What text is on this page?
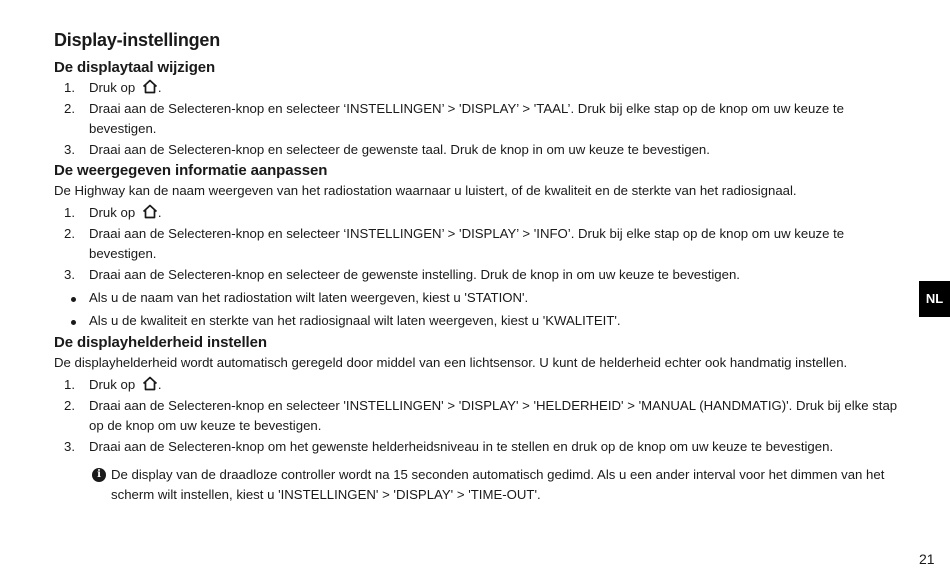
Display-instellingen
De displaytaal wijzigen
1. Druk op .
2. Draai aan de Selecteren-knop en selecteer ‘INSTELLINGEN’ > 'DISPLAY’ > 'TAAL’. Druk bij elke stap op de knop om uw keuze te bevestigen.
3. Draai aan de Selecteren-knop en selecteer de gewenste taal. Druk de knop in om uw keuze te bevestigen.
De weergegeven informatie aanpassen

De Highway kan de naam weergeven van het radiostation waarnaar u luistert, of de kwaliteit en de sterkte van het radiosignaal.

1. Druk op .
2. Draai aan de Selecteren-knop en selecteer ‘INSTELLINGEN’ > 'DISPLAY’ > 'INFO’. Druk bij elke stap op de knop om uw keuze te bevestigen.
3. Draai aan de Selecteren-knop en selecteer de gewenste instelling. Druk de knop in om uw keuze te bevestigen.
Als u de naam van het radiostation wilt laten weergeven, kiest u 'STATION'.
Als u de kwaliteit en sterkte van het radiosignaal wilt laten weergeven, kiest u 'KWALITEIT'.
De displayhelderheid instellen

De displayhelderheid wordt automatisch geregeld door middel van een lichtsensor. U kunt de helderheid echter ook handmatig instellen.

1. Druk op .
2. Draai aan de Selecteren-knop en selecteer 'INSTELLINGEN' > 'DISPLAY' > 'HELDERHEID' > 'MANUAL (HANDMATIG)'. Druk bij elke stap op de knop om uw keuze te bevestigen.
3. Draai aan de Selecteren-knop om het gewenste helderheidsniveau in te stellen en druk op de knop om uw keuze te bevestigen.
i De display van de draadloze controller wordt na 15 seconden automatisch gedimd. Als u een ander interval voor het dimmen van het scherm wilt instellen, kiest u 'INSTELLINGEN' > 'DISPLAY' > 'TIME-OUT'.
NL
21
